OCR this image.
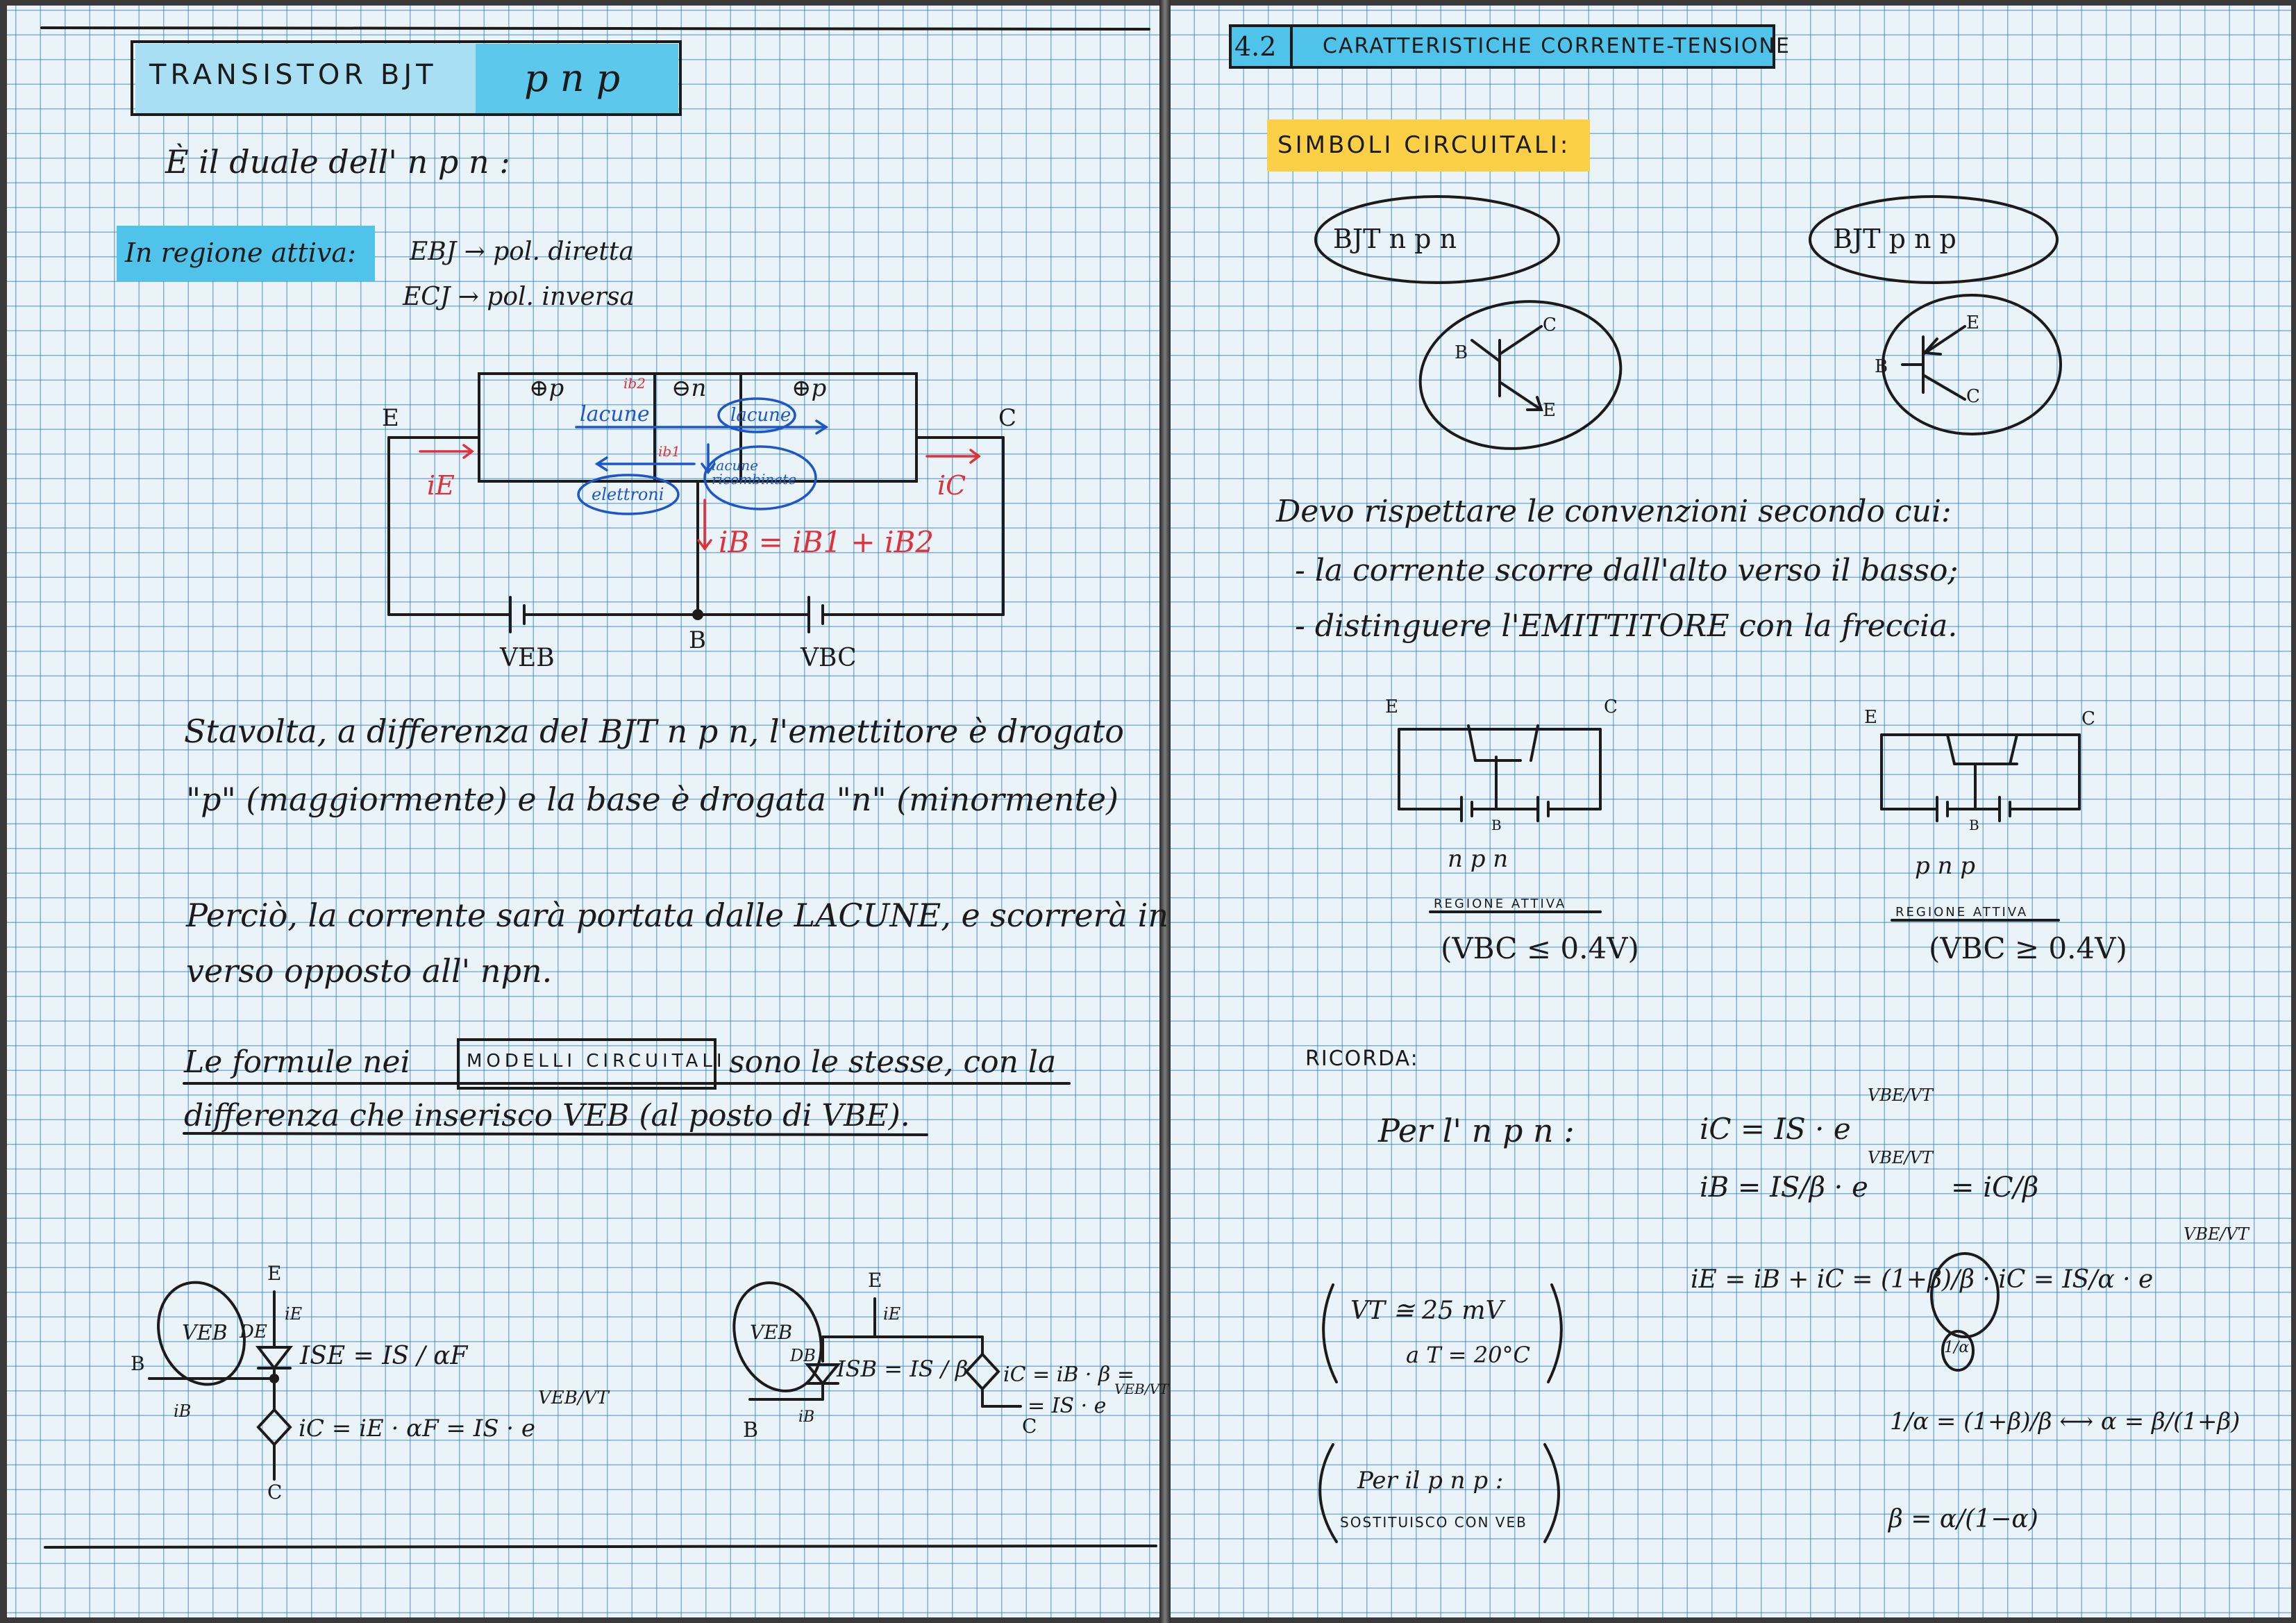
TRANSISTOR BJT p n p
È il duale dell' n p n :
In regione attiva: EBJ → pol. diretta
ECJ → pol. inversa
E	C
⊕p	⊖n	⊕p
ib2
ib1
lacune	lacune
elettroni
lacune ricombinate
iE	iC
iB = iB1 + iB2
VEB
B
VBC
Stavolta, a differenza del BJT n p n, l'emettitore è drogato
"p" (maggiormente) e la base è drogata "n" (minormente)
Perciò, la corrente sarà portata dalle LACUNE, e scorrerà in
verso opposto all' npn.
Le formule nei	MODELLI CIRCUITALI sono le stesse, con la
differenza che inserisco VEB (al posto di VBE).
E
B
C
VEB DE
iE
iB
ISE = IS / αF
iC = iE · αF = IS · e
VEB/VT
E
B	C
VEB
DB
iE
iB
ISB = IS / β iC = iB · β =
= IS · e
VEB/VT
4.2 CARATTERISTICHE CORRENTE-TENSIONE
SIMBOLI CIRCUITALI:
BJT n p n	BJT p n p
B
C
E
B
C
E
Devo rispettare le convenzioni secondo cui:
- la corrente scorre dall'alto verso il basso;
- distinguere l'EMITTITORE con la freccia.
E	C
B
n p n
REGIONE ATTIVA
(VBC ≤ 0.4V)
E	C
B
p n p
REGIONE ATTIVA
(VBC ≥ 0.4V)
RICORDA:
Per l' n p n :
VT ≅ 25 mV
a T = 20°C
Per il p n p :
SOSTITUISCO CON VEB
iC = IS · e
VBE/VT
iB = IS/β · e
VBE/VT
= iC/β
iE = iB + iC = (1+β)/β · iC = IS/α · e
VBE/VT
1/α
1/α = (1+β)/β ⟷ α = β/(1+β)
β = α/(1−α)
